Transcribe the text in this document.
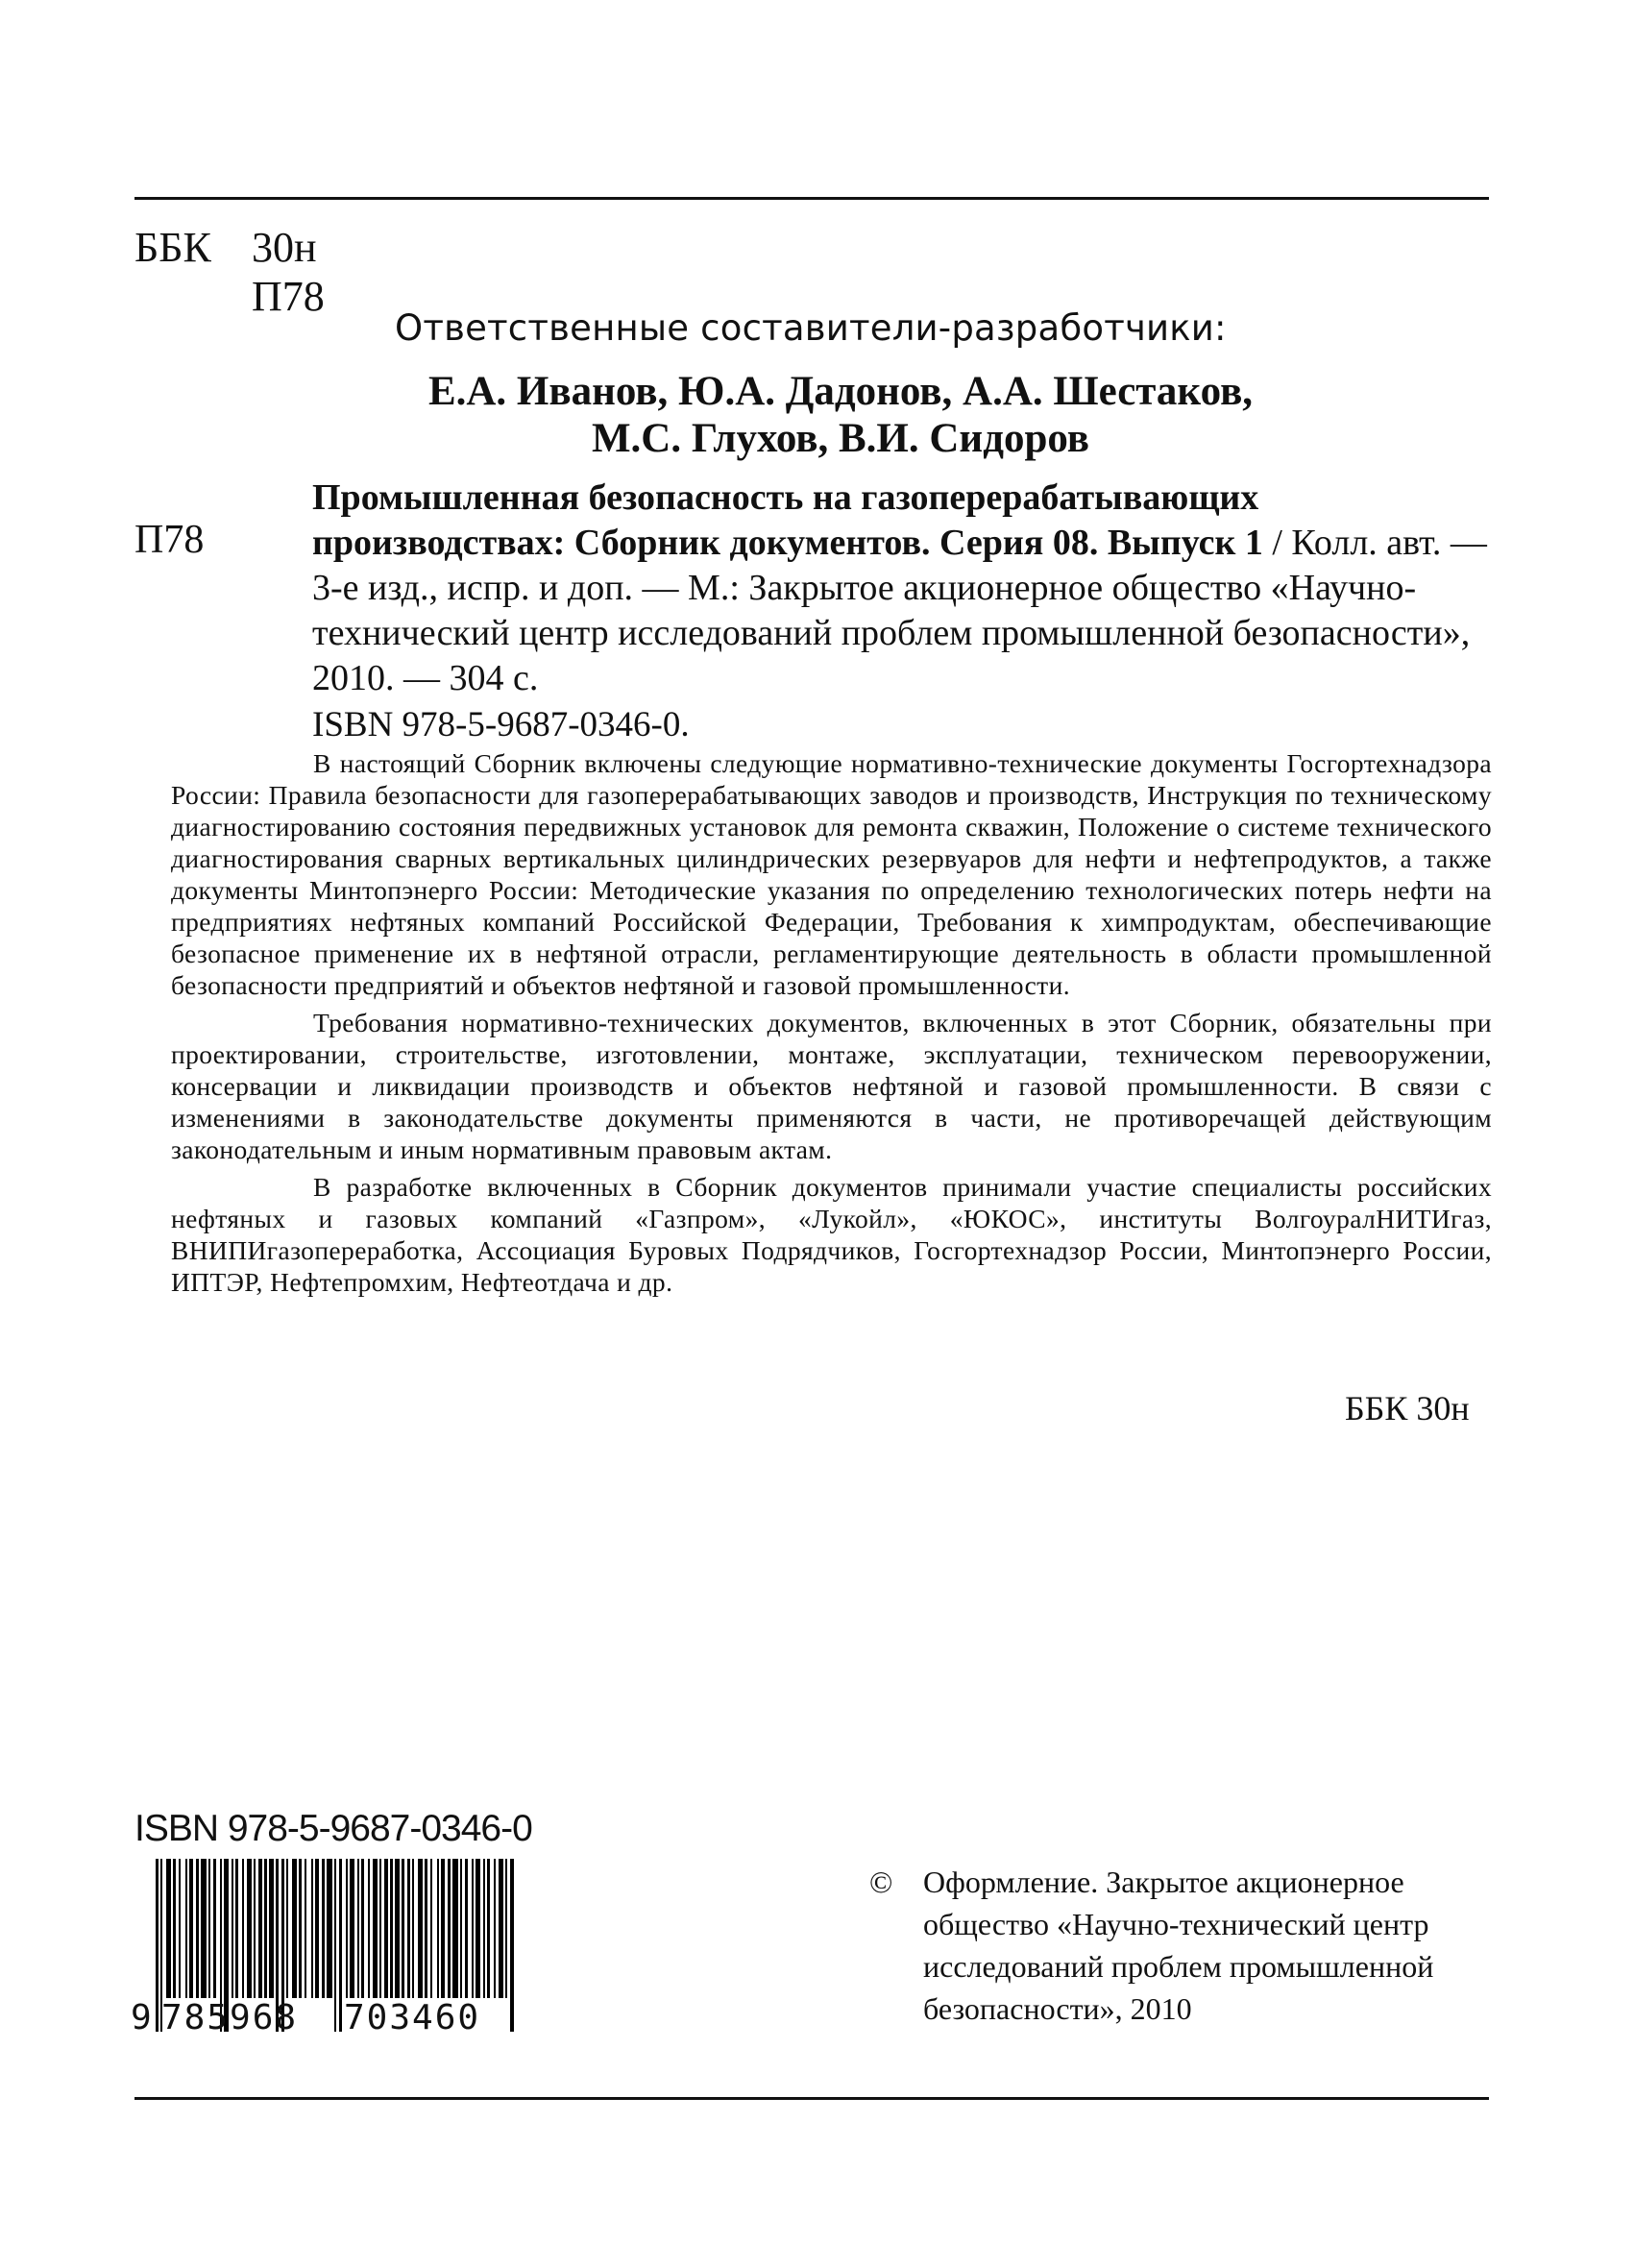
ББК 30н
П78
Ответственные составители-разработчики:
Е.А. Иванов, Ю.А. Дадонов, А.А. Шестаков,
М.С. Глухов, В.И. Сидоров
П78
Промышленная безопасность на газоперерабатывающих производствах: Сборник документов. Серия 08. Выпуск 1 / Колл. авт. — 3-е изд., испр. и доп. — М.: Закрытое акционерное общество «Научно-технический центр исследований проблем промышленной безопасности», 2010. — 304 с.
ISBN 978-5-9687-0346-0.

В настоящий Сборник включены следующие нормативно-технические документы Госгортехнадзора России: Правила безопасности для газоперерабатывающих заводов и производств, Инструкция по техническому диагностированию состояния передвижных установок для ремонта скважин, Положение о системе технического диагностирования сварных вертикальных цилиндрических резервуаров для нефти и нефтепродуктов, а также документы Минтопэнерго России: Методические указания по определению технологических потерь нефти на предприятиях нефтяных компаний Российской Федерации, Требования к химпродуктам, обеспечивающие безопасное применение их в нефтяной отрасли, регламентирующие деятельность в области промышленной безопасности предприятий и объектов нефтяной и газовой промышленности.

Требования нормативно-технических документов, включенных в этот Сборник, обязательны при проектировании, строительстве, изготовлении, монтаже, эксплуатации, техническом перевооружении, консервации и ликвидации производств и объектов нефтяной и газовой промышленности. В связи с изменениями в законодательстве документы применяются в части, не противоречащей действующим законодательным и иным нормативным правовым актам.

В разработке включенных в Сборник документов принимали участие специалисты российских нефтяных и газовых компаний «Газпром», «Лукойл», «ЮКОС», институты ВолгоуралНИТИгаз, ВНИПИгазопереработка, Ассоциация Буровых Подрядчиков, Госгортехнадзор России, Минтопэнерго России, ИПТЭР, Нефтепромхим, Нефтеотдача и др.

ББК 30н
ISBN 978-5-9687-0346-0
9 785968 703460
© Оформление. Закрытое акционерное
общество «Научно-технический центр
исследований проблем промышленной
безопасности», 2010
